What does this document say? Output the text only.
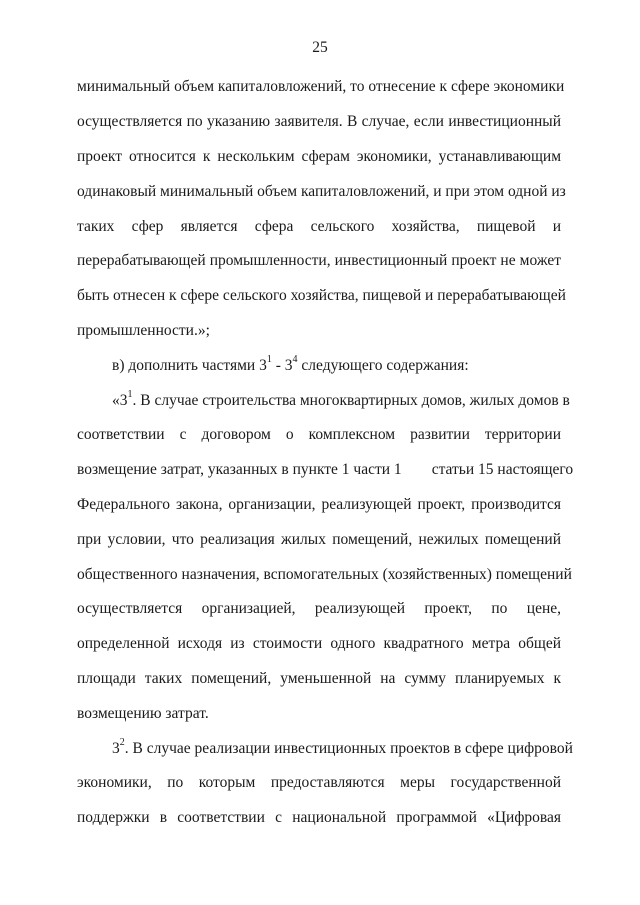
25
минимальный объем капиталовложений, то отнесение к сфере экономики
осуществляется по указанию заявителя. В случае, если инвестиционный
проект относится к нескольким сферам экономики, устанавливающим
одинаковый минимальный объем капиталовложений, и при этом одной из
таких сфер является сфера сельского хозяйства, пищевой и
перерабатывающей промышленности, инвестиционный проект не может
быть отнесен к сфере сельского хозяйства, пищевой и перерабатывающей
промышленности.»;
в) дополнить частями $3^1 - 3^4$ следующего содержания:
«$3^1$. В случае строительства многоквартирных домов, жилых домов в
соответствии с договором о комплексном развитии территории
возмещение затрат, указанных в пункте 1 части 1 статьи 15 настоящего
Федерального закона, организации, реализующей проект, производится
при условии, что реализация жилых помещений, нежилых помещений
общественного назначения, вспомогательных (хозяйственных) помещений
осуществляется организацией, реализующей проект, по цене,
определенной исходя из стоимости одного квадратного метра общей
площади таких помещений, уменьшенной на сумму планируемых к
возмещению затрат.
$3^2$. В случае реализации инвестиционных проектов в сфере цифровой
экономики, по которым предоставляются меры государственной
поддержки в соответствии с национальной программой «Цифровая
